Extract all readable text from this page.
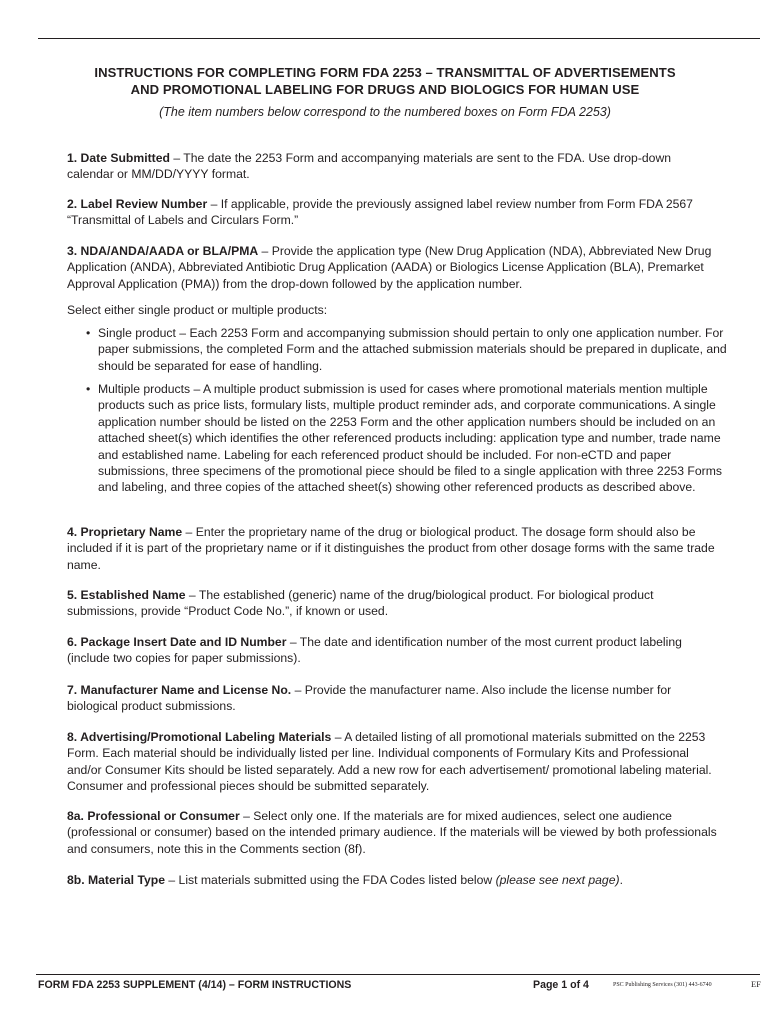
INSTRUCTIONS FOR COMPLETING FORM FDA 2253 – TRANSMITTAL OF ADVERTISEMENTS
AND PROMOTIONAL LABELING FOR DRUGS AND BIOLOGICS FOR HUMAN USE
(The item numbers below correspond to the numbered boxes on Form FDA 2253)

1. Date Submitted – The date the 2253 Form and accompanying materials are sent to the FDA. Use drop-down calendar or MM/DD/YYYY format.

2. Label Review Number – If applicable, provide the previously assigned label review number from Form FDA 2567 “Transmittal of Labels and Circulars Form.”

3. NDA/ANDA/AADA or BLA/PMA – Provide the application type (New Drug Application (NDA), Abbreviated New Drug Application (ANDA), Abbreviated Antibiotic Drug Application (AADA) or Biologics License Application (BLA), Premarket Approval Application (PMA)) from the drop-down followed by the application number.

Select either single product or multiple products:

• Single product – Each 2253 Form and accompanying submission should pertain to only one application number. For paper submissions, the completed Form and the attached submission materials should be prepared in duplicate, and should be separated for ease of handling.

• Multiple products – A multiple product submission is used for cases where promotional materials mention multiple products such as price lists, formulary lists, multiple product reminder ads, and corporate communications. A single application number should be listed on the 2253 Form and the other application numbers should be included on an attached sheet(s) which identifies the other referenced products including: application type and number, trade name and established name. Labeling for each referenced product should be included. For non-eCTD and paper submissions, three specimens of the promotional piece should be filed to a single application with three 2253 Forms and labeling, and three copies of the attached sheet(s) showing other referenced products as described above.

4. Proprietary Name – Enter the proprietary name of the drug or biological product. The dosage form should also be included if it is part of the proprietary name or if it distinguishes the product from other dosage forms with the same trade name.

5. Established Name – The established (generic) name of the drug/biological product. For biological product submissions, provide “Product Code No.”, if known or used.

6. Package Insert Date and ID Number – The date and identification number of the most current product labeling (include two copies for paper submissions).

7. Manufacturer Name and License No. – Provide the manufacturer name. Also include the license number for biological product submissions.

8. Advertising/Promotional Labeling Materials – A detailed listing of all promotional materials submitted on the 2253 Form. Each material should be individually listed per line. Individual components of Formulary Kits and Professional and/or Consumer Kits should be listed separately. Add a new row for each advertisement/ promotional labeling material. Consumer and professional pieces should be submitted separately.

8a. Professional or Consumer – Select only one. If the materials are for mixed audiences, select one audience (professional or consumer) based on the intended primary audience. If the materials will be viewed by both professionals and consumers, note this in the Comments section (8f).

8b. Material Type – List materials submitted using the FDA Codes listed below (please see next page).

FORM FDA 2253 SUPPLEMENT (4/14) – FORM INSTRUCTIONS	Page 1 of 4	PSC Publishing Services (301) 443-6740	EF
